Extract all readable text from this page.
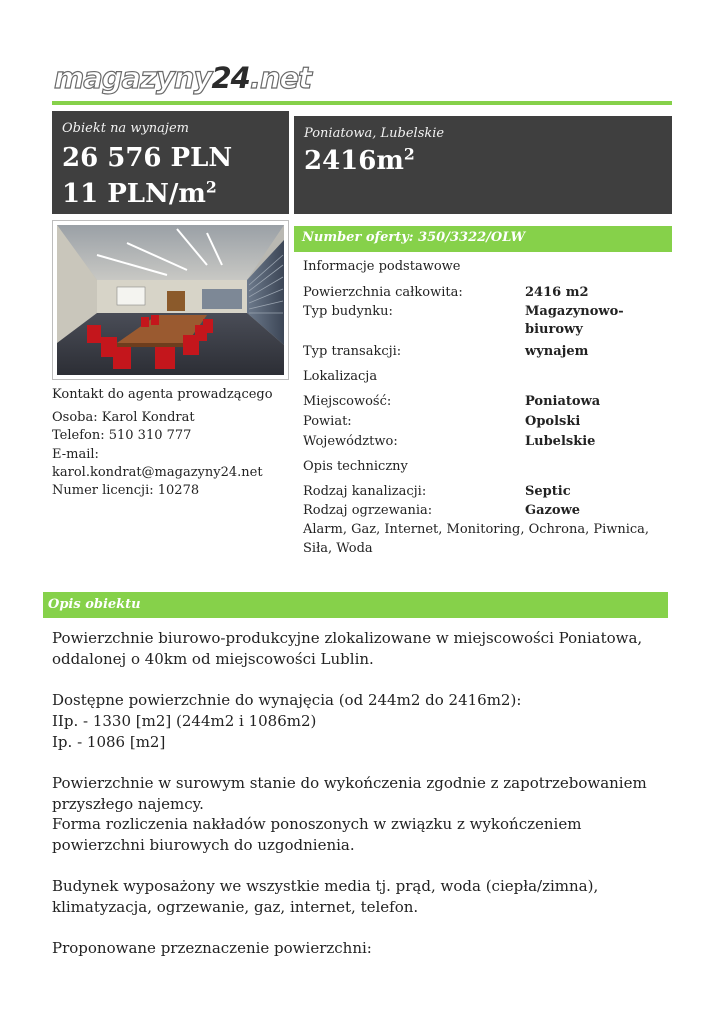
magazyny24.net
Obiekt na wynajem
26 576 PLN
11 PLN/$m^2$
Poniatowa, Lubelskie
$2416m^2$
Kontakt do agenta prowadzącego
Osoba: Karol Kondrat
Telefon: 510 310 777
E-mail:
karol.kondrat@magazyny24.net
Numer licencji: 10278
Number oferty: 350/3322/OLW
Informacje podstawowe
Powierzchnia całkowita:	2416 m2
Typ budynku:	Magazynowo-biurowy
Typ transakcji:	wynajem
Lokalizacja
Miejscowość:	Poniatowa
Powiat:	Opolski
Województwo:	Lubelskie
Opis techniczny
Rodzaj kanalizacji:	Septic
Rodzaj ogrzewania:	Gazowe
Alarm, Gaz, Internet, Monitoring, Ochrona, Piwnica, Siła, Woda
Opis obiektu

Powierzchnie biurowo-produkcyjne zlokalizowane w miejscowości Poniatowa, oddalonej o 40km od miejscowości Lublin.

Dostępne powierzchnie do wynajęcia (od 244m2 do 2416m2):

IIp. - 1330 [m2] (244m2 i 1086m2)

Ip. - 1086 [m2]

Powierzchnie w surowym stanie do wykończenia zgodnie z zapotrzebowaniem przyszłego najemcy.

Forma rozliczenia nakładów ponoszonych w związku z wykończeniem powierzchni biurowych do uzgodnienia.

Budynek wyposażony we wszystkie media tj. prąd, woda (ciepła/zimna), klimatyzacja, ogrzewanie, gaz, internet, telefon.

Proponowane przeznaczenie powierzchni:
